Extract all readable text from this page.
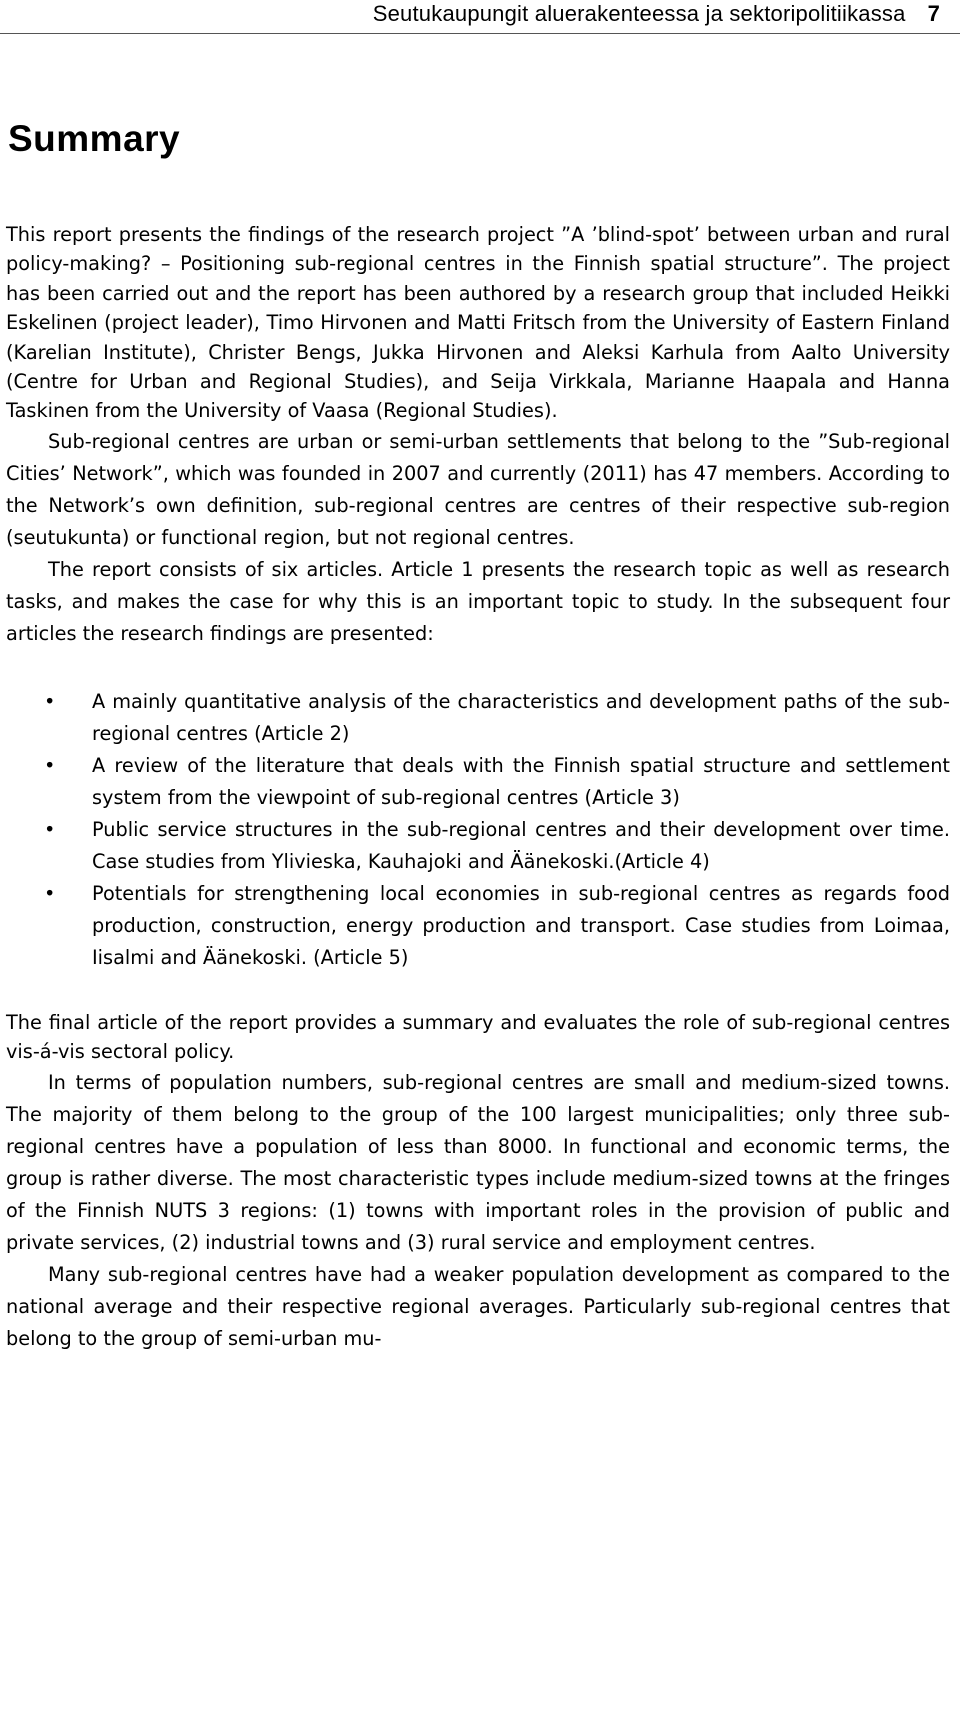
Seutukaupungit aluerakenteessa ja sektoripolitiikassa 7
Summary

This report presents the findings of the research project ”A ’blind-spot’ between urban and rural policy-making? – Positioning sub-regional centres in the Finnish spatial structure”. The project has been carried out and the report has been authored by a research group that included Heikki Eskelinen (project leader), Timo Hirvonen and Matti Fritsch from the University of Eastern Finland (Karelian Institute), Christer Bengs, Jukka Hirvonen and Aleksi Karhula from Aalto University (Centre for Urban and Regional Studies), and Seija Virkkala, Marianne Haapala and Hanna Taskinen from the University of Vaasa (Regional Studies).

Sub-regional centres are urban or semi-urban settlements that belong to the ”Sub-regional Cities’ Network”, which was founded in 2007 and currently (2011) has 47 members. According to the Network’s own definition, sub-regional centres are centres of their respective sub-region (seutukunta) or functional region, but not regional centres.

The report consists of six articles. Article 1 presents the research topic as well as research tasks, and makes the case for why this is an important topic to study. In the subsequent four articles the research findings are presented:

• A mainly quantitative analysis of the characteristics and development paths of the sub-regional centres (Article 2)
• A review of the literature that deals with the Finnish spatial structure and settlement system from the viewpoint of sub-regional centres (Article 3)
• Public service structures in the sub-regional centres and their development over time. Case studies from Ylivieska, Kauhajoki and Äänekoski.(Article 4)
• Potentials for strengthening local economies in sub-regional centres as regards food production, construction, energy production and transport. Case studies from Loimaa, Iisalmi and Äänekoski. (Article 5)

The final article of the report provides a summary and evaluates the role of sub-regional centres vis-á-vis sectoral policy.

In terms of population numbers, sub-regional centres are small and medium-sized towns. The majority of them belong to the group of the 100 largest municipalities; only three sub-regional centres have a population of less than 8000. In functional and economic terms, the group is rather diverse. The most characteristic types include medium-sized towns at the fringes of the Finnish NUTS 3 regions: (1) towns with important roles in the provision of public and private services, (2) industrial towns and (3) rural service and employment centres.

Many sub-regional centres have had a weaker population development as compared to the national average and their respective regional averages. Particularly sub-regional centres that belong to the group of semi-urban mu-
